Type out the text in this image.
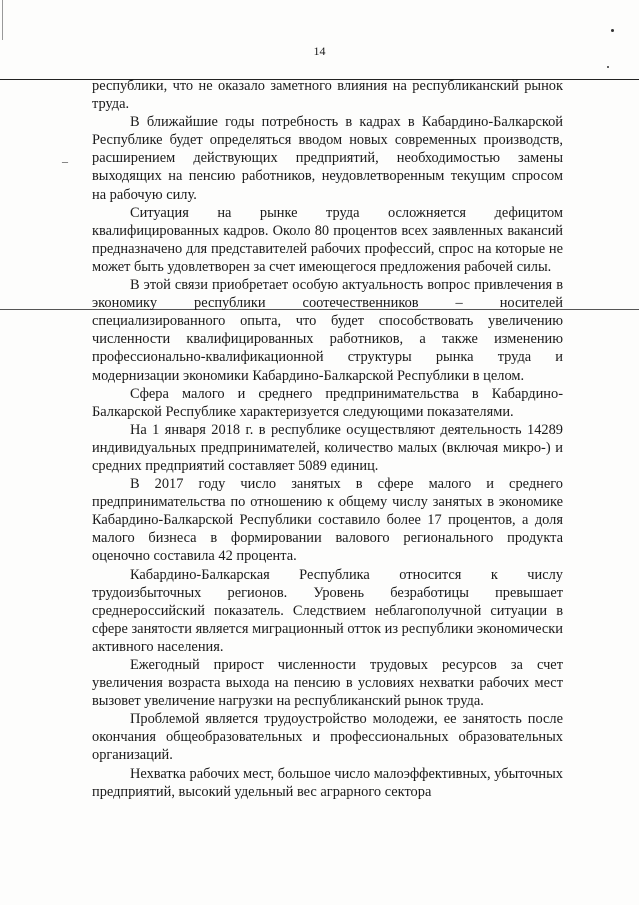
14
–

республики, что не оказало заметного влияния на республиканский рынок труда.

В ближайшие годы потребность в кадрах в Кабардино-Балкарской Республике будет определяться вводом новых современных производств, расширением действующих предприятий, необходимостью замены выходящих на пенсию работников, неудовлетворенным текущим спросом на рабочую силу.

Ситуация на рынке труда осложняется дефицитом квалифицированных кадров. Около 80 процентов всех заявленных вакансий предназначено для представителей рабочих профессий, спрос на которые не может быть удовлетворен за счет имеющегося предложения рабочей силы.

В этой связи приобретает особую актуальность вопрос привлечения в экономику республики соотечественников – носителей специализированного опыта, что будет способствовать увеличению численности квалифицированных работников, а также изменению профессионально-квалификационной структуры рынка труда и модернизации экономики Кабардино-Балкарской Республики в целом.

Сфера малого и среднего предпринимательства в Кабардино-Балкарской Республике характеризуется следующими показателями.

На 1 января 2018 г. в республике осуществляют деятельность 14289 индивидуальных предпринимателей, количество малых (включая микро-) и средних предприятий составляет 5089 единиц.

В 2017 году число занятых в сфере малого и среднего предпринимательства по отношению к общему числу занятых в экономике Кабардино-Балкарской Республики составило более 17 процентов, а доля малого бизнеса в формировании валового регионального продукта оценочно составила 42 процента.

Кабардино-Балкарская Республика относится к числу трудоизбыточных регионов. Уровень безработицы превышает среднероссийский показатель. Следствием неблагополучной ситуации в сфере занятости является миграционный отток из республики экономически активного населения.

Ежегодный прирост численности трудовых ресурсов за счет увеличения возраста выхода на пенсию в условиях нехватки рабочих мест вызовет увеличение нагрузки на республиканский рынок труда.

Проблемой является трудоустройство молодежи, ее занятость после окончания общеобразовательных и профессиональных образовательных организаций.

Нехватка рабочих мест, большое число малоэффективных, убыточных предприятий, высокий удельный вес аграрного сектора
